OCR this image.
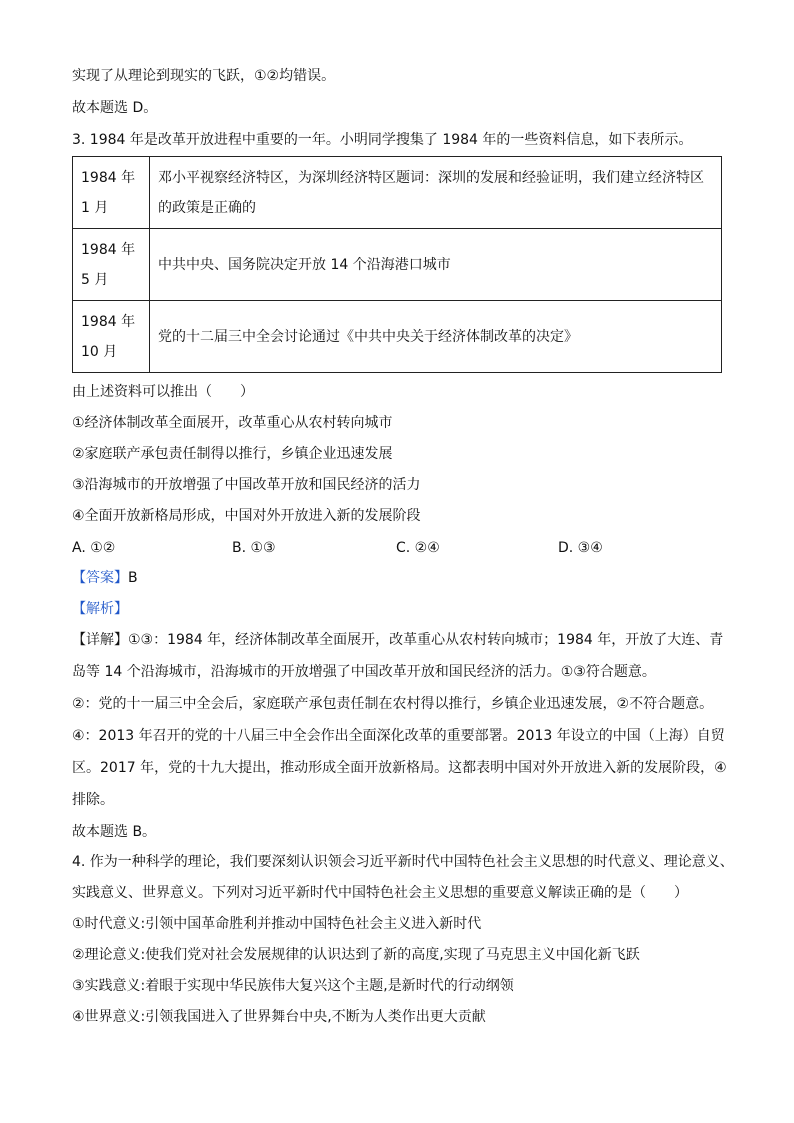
实现了从理论到现实的飞跃，①②均错误。
故本题选 D。
3. 1984 年是改革开放进程中重要的一年。小明同学搜集了 1984 年的一些资料信息，如下表所示。
1984 年 1 月	邓小平视察经济特区，为深圳经济特区题词：深圳的发展和经验证明，我们建立经济特区的政策是正确的
1984 年 5 月	中共中央、国务院决定开放 14 个沿海港口城市
1984 年 10 月	党的十二届三中全会讨论通过《中共中央关于经济体制改革的决定》
由上述资料可以推出（　　）
①经济体制改革全面展开，改革重心从农村转向城市
②家庭联产承包责任制得以推行，乡镇企业迅速发展
③沿海城市的开放增强了中国改革开放和国民经济的活力
④全面开放新格局形成，中国对外开放进入新的发展阶段
A. ①②	B. ①③	C. ②④	D. ③④
【答案】B
【解析】
【详解】①③：1984 年，经济体制改革全面展开，改革重心从农村转向城市；1984 年，开放了大连、青
岛等 14 个沿海城市，沿海城市的开放增强了中国改革开放和国民经济的活力。①③符合题意。
②：党的十一届三中全会后，家庭联产承包责任制在农村得以推行，乡镇企业迅速发展，②不符合题意。
④：2013 年召开的党的十八届三中全会作出全面深化改革的重要部署。2013 年设立的中国（上海）自贸
区。2017 年，党的十九大提出，推动形成全面开放新格局。这都表明中国对外开放进入新的发展阶段，④
排除。
故本题选 B。
4. 作为一种科学的理论，我们要深刻认识领会习近平新时代中国特色社会主义思想的时代意义、理论意义、
实践意义、世界意义。下列对习近平新时代中国特色社会主义思想的重要意义解读正确的是（　　）
①时代意义:引领中国革命胜利并推动中国特色社会主义进入新时代
②理论意义:使我们党对社会发展规律的认识达到了新的高度,实现了马克思主义中国化新飞跃
③实践意义:着眼于实现中华民族伟大复兴这个主题,是新时代的行动纲领
④世界意义:引领我国进入了世界舞台中央,不断为人类作出更大贡献
